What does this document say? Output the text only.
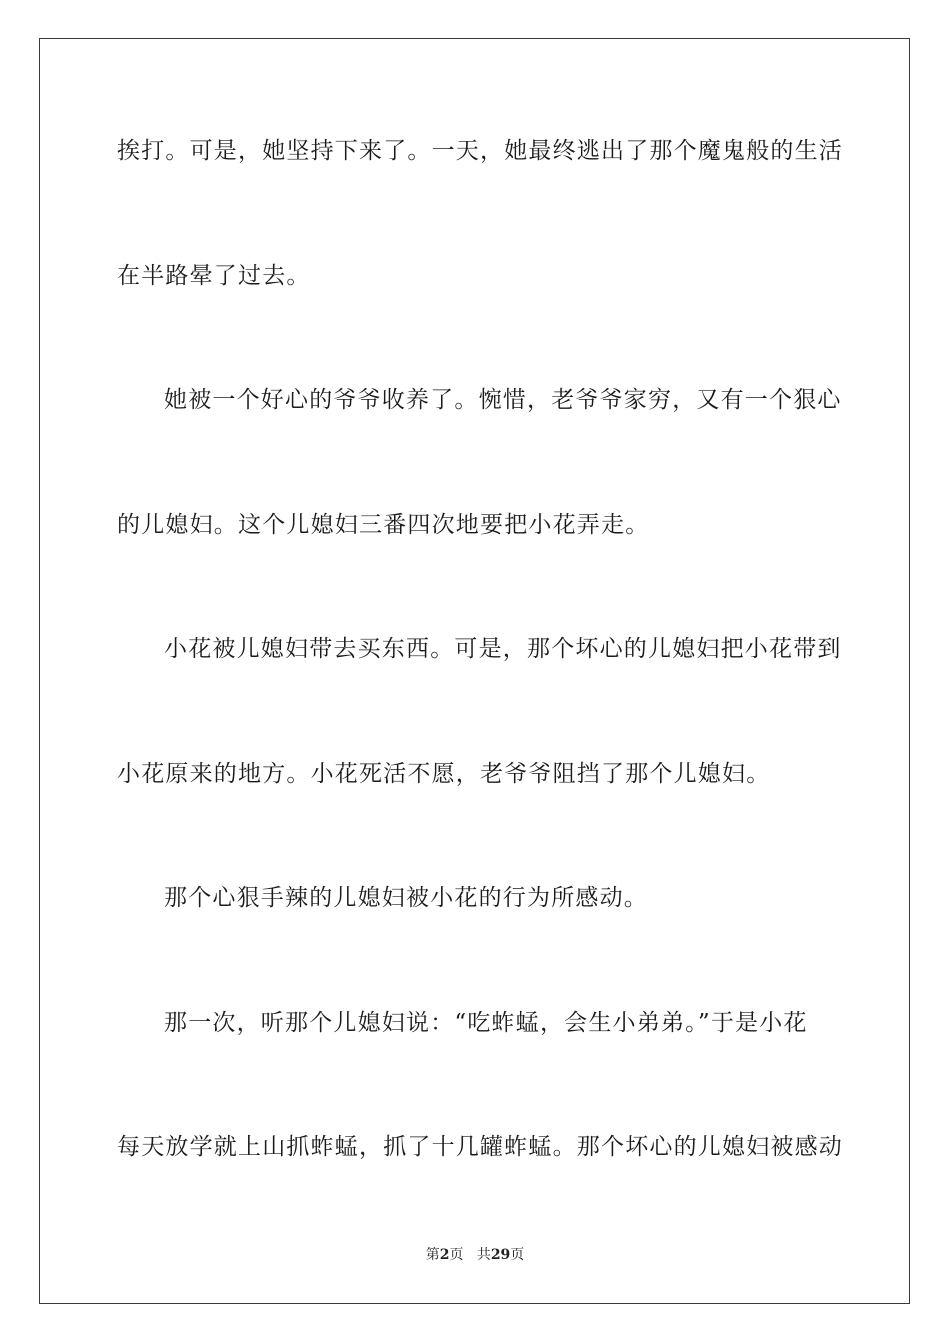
挨打。可是，她坚持下来了。一天，她最终逃出了那个魔鬼般的生活
在半路晕了过去。
她被一个好心的爷爷收养了。惋惜，老爷爷家穷，又有一个狠心
的儿媳妇。这个儿媳妇三番四次地要把小花弄走。
小花被儿媳妇带去买东西。可是，那个坏心的儿媳妇把小花带到
小花原来的地方。小花死活不愿，老爷爷阻挡了那个儿媳妇。
那个心狠手辣的儿媳妇被小花的行为所感动。
那一次，听那个儿媳妇说：“吃蚱蜢，会生小弟弟。”于是小花
每天放学就上山抓蚱蜢，抓了十几罐蚱蜢。那个坏心的儿媳妇被感动
第2页 共29页
